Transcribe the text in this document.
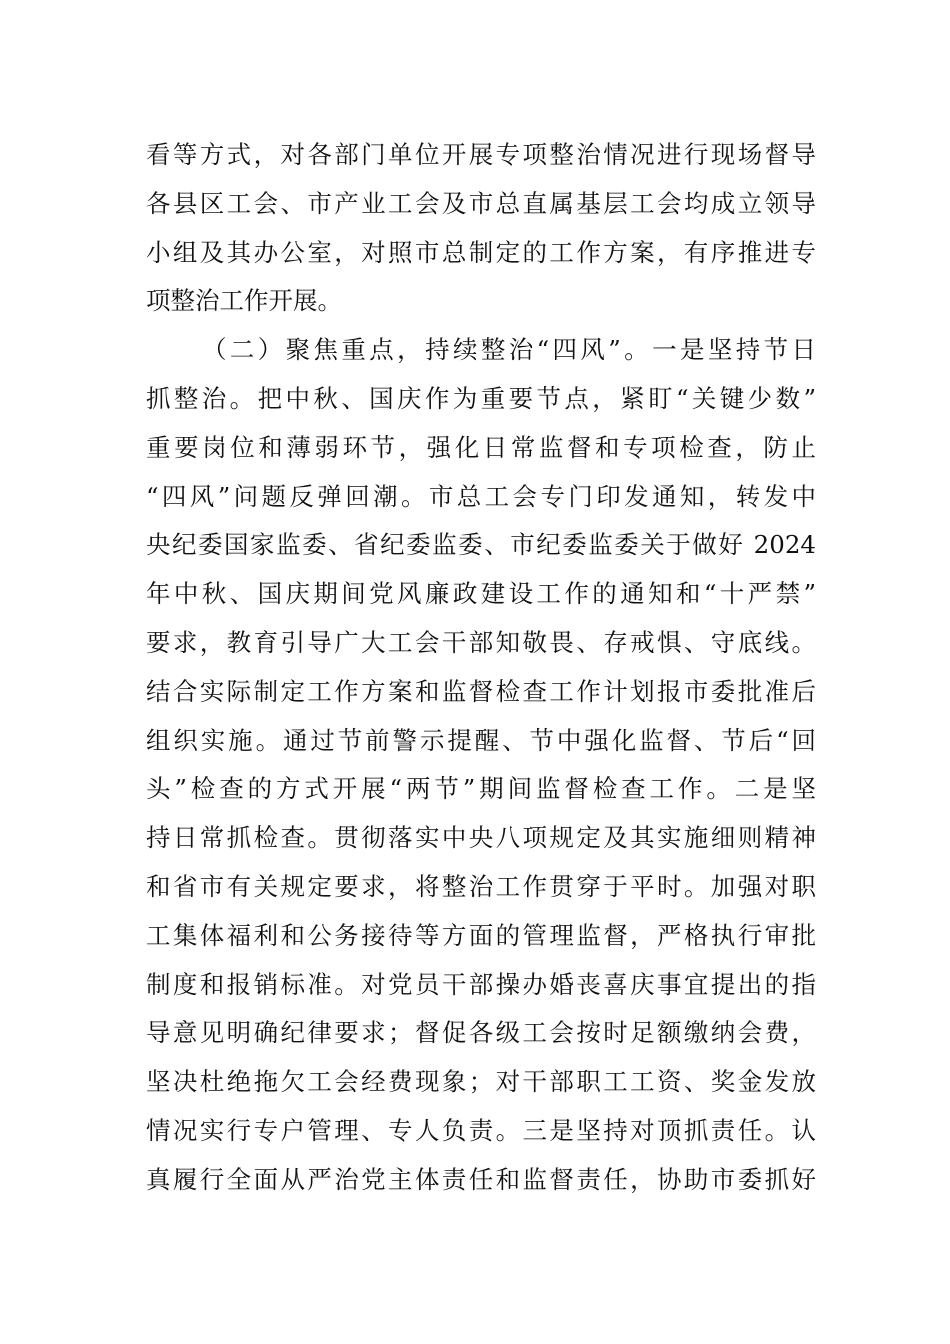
看等方式，对各部门单位开展专项整治情况进行现场督导
各县区工会、市产业工会及市总直属基层工会均成立领导
小组及其办公室，对照市总制定的工作方案，有序推进专
项整治工作开展。
（二）聚焦重点，持续整治“四风”。一是坚持节日
抓整治。把中秋、国庆作为重要节点，紧盯“关键少数”
重要岗位和薄弱环节，强化日常监督和专项检查，防止
“四风”问题反弹回潮。市总工会专门印发通知，转发中
央纪委国家监委、省纪委监委、市纪委监委关于做好 2024
年中秋、国庆期间党风廉政建设工作的通知和“十严禁”
要求，教育引导广大工会干部知敬畏、存戒惧、守底线。
结合实际制定工作方案和监督检查工作计划报市委批准后
组织实施。通过节前警示提醒、节中强化监督、节后“回
头”检查的方式开展“两节”期间监督检查工作。二是坚
持日常抓检查。贯彻落实中央八项规定及其实施细则精神
和省市有关规定要求，将整治工作贯穿于平时。加强对职
工集体福利和公务接待等方面的管理监督，严格执行审批
制度和报销标准。对党员干部操办婚丧喜庆事宜提出的指
导意见明确纪律要求；督促各级工会按时足额缴纳会费，
坚决杜绝拖欠工会经费现象；对干部职工工资、奖金发放
情况实行专户管理、专人负责。三是坚持对顶抓责任。认
真履行全面从严治党主体责任和监督责任，协助市委抓好
